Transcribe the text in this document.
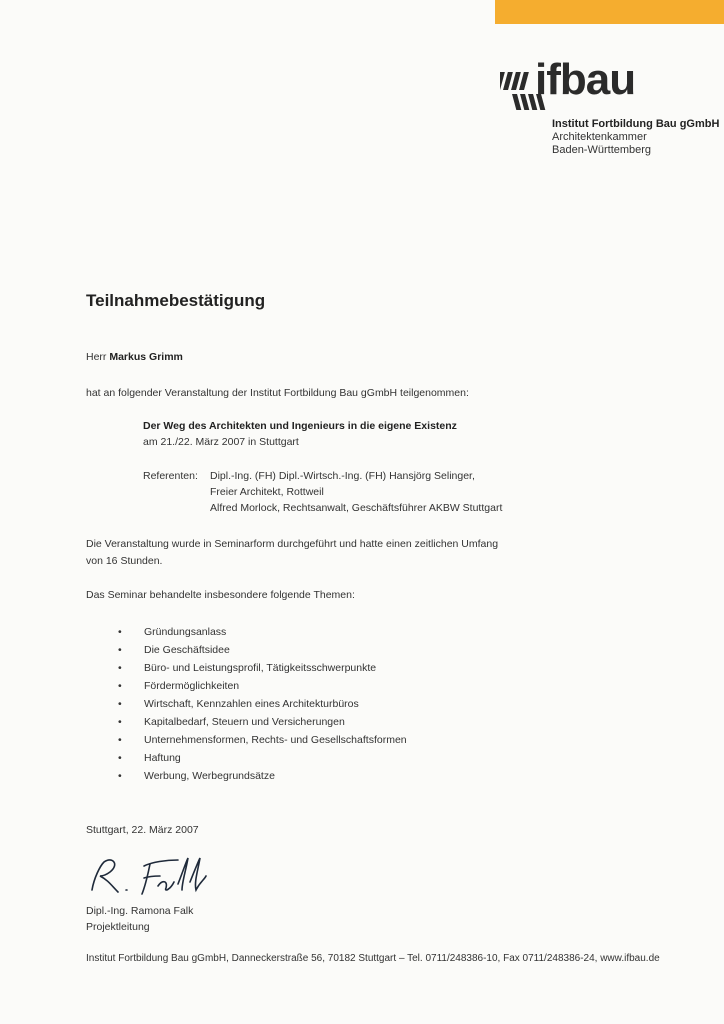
ifbau
Institut Fortbildung Bau gGmbH
Architektenkammer
Baden-Württemberg
Teilnahmebestätigung
Herr Markus Grimm
hat an folgender Veranstaltung der Institut Fortbildung Bau gGmbH teilgenommen:
Der Weg des Architekten und Ingenieurs in die eigene Existenz
am 21./22. März 2007 in Stuttgart
Referenten: Dipl.-Ing. (FH) Dipl.-Wirtsch.-Ing. (FH) Hansjörg Selinger,
Freier Architekt, Rottweil
Alfred Morlock, Rechtsanwalt, Geschäftsführer AKBW Stuttgart
Die Veranstaltung wurde in Seminarform durchgeführt und hatte einen zeitlichen Umfang
von 16 Stunden.
Das Seminar behandelte insbesondere folgende Themen:
• Gründungsanlass
• Die Geschäftsidee
• Büro- und Leistungsprofil, Tätigkeitsschwerpunkte
• Fördermöglichkeiten
• Wirtschaft, Kennzahlen eines Architekturbüros
• Kapitalbedarf, Steuern und Versicherungen
• Unternehmensformen, Rechts- und Gesellschaftsformen
• Haftung
• Werbung, Werbegrundsätze
Stuttgart, 22. März 2007
Dipl.-Ing. Ramona Falk
Projektleitung
Institut Fortbildung Bau gGmbH, Danneckerstraße 56, 70182 Stuttgart – Tel. 0711/248386-10, Fax 0711/248386-24, www.ifbau.de
